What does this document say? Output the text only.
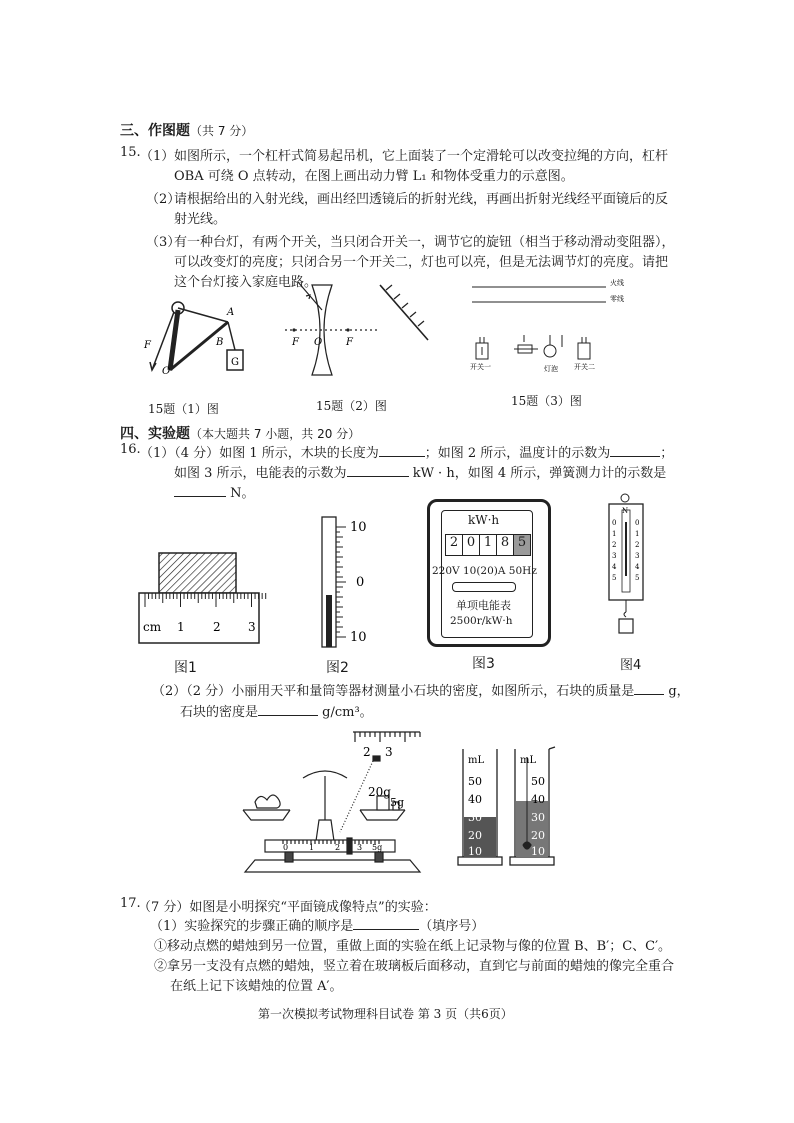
三、作图题（共 7 分）
15. （1） 如图所示，一个杠杆式简易起吊机，它上面装了一个定滑轮可以改变拉绳的方向，杠杆
OBA 可绕 O 点转动，在图上画出动力臂 L₁ 和物体受重力的示意图。
（2）
请根据给出的入射光线，画出经凹透镜后的折射光线，再画出折射光线经平面镜后的反
射光线。
（3）
有一种台灯，有两个开关，当只闭合开关一，调节它的旋钮（相当于移动滑动变阻器），
可以改变灯的亮度；只闭合另一个开关二，灯也可以亮，但是无法调节灯的亮度。请把
这个台灯接入家庭电路。
F
A
B
O
G
15题（1）图
F O F
15题（2）图
火线
零线
开关一	灯泡 开关二
15题（3）图
四、实验题（本大题共 7 小题，共 20 分）
16. （1）（4 分）如图 1 所示，木块的长度为	；如图 2 所示，温度计的示数为	；
如图 3 所示，电能表的示数为	kW · h，如图 4 所示，弹簧测力计的示数是
N。
cm 1 2 3
图1
10
0
10
图2
kW·h
2 0 1 8 5
220V 10(20)A 50Hz
单项电能表
2500r/kW·h
图3
N
0	0
1	1
2	2
3	3
4	4
5	5
图4
（2）（2 分）小丽用天平和量筒等器材测量小石块的密度，如图所示，石块的质量是	g，
石块的密度是	g/cm³。
2 3
20g
5g
0	1	2 3 5g
mL
50
40
30
20
10
mL
50
40
30
20
10
17.
（7 分）如图是小明探究“平面镜成像特点”的实验：
（1）实验探究的步骤正确的顺序是	（填序号）
①移动点燃的蜡烛到另一位置，重做上面的实验在纸上记录物与像的位置 B、B′；C、C′。
②拿另一支没有点燃的蜡烛，竖立着在玻璃板后面移动，直到它与前面的蜡烛的像完全重合
在纸上记下该蜡烛的位置 A′。
第一次模拟考试物理科目试卷 第 3 页（共6页）
